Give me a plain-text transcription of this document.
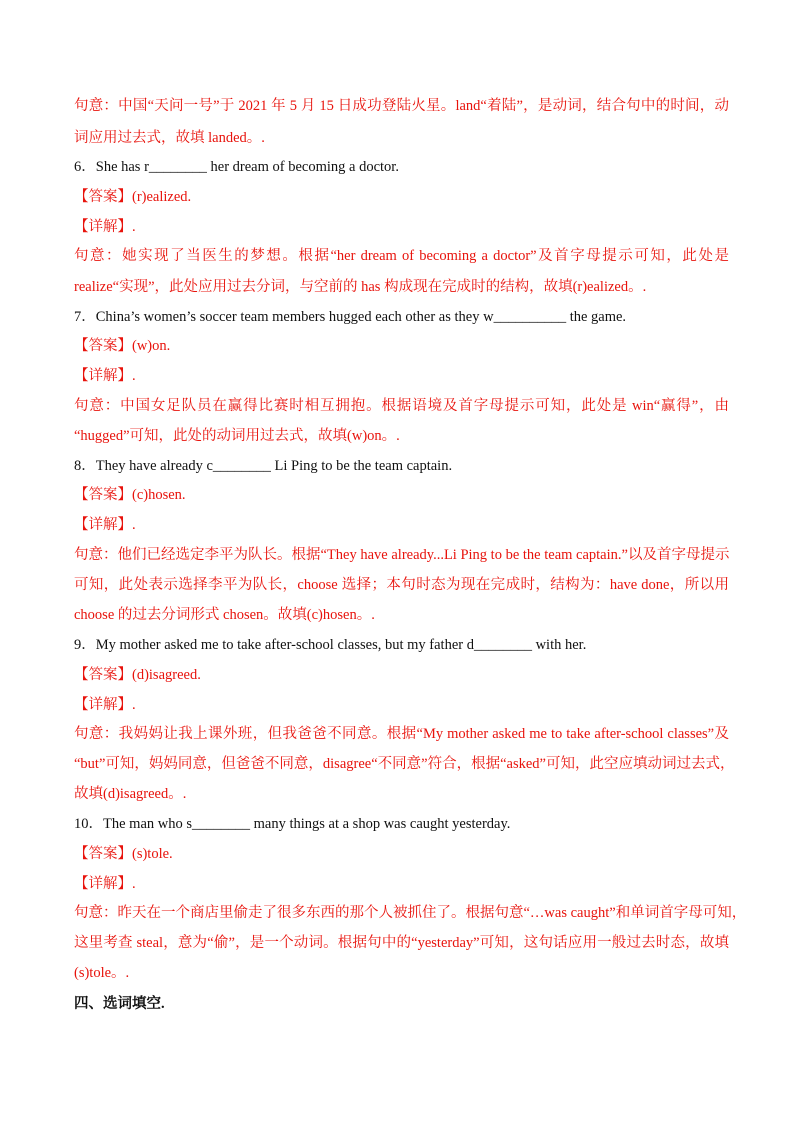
句意：中国“天问一号”于 2021 年 5 月 15 日成功登陆火星。land“着陆”，是动词，结合句中的时间，动
词应用过去式，故填 landed。.
6．She has r________ her dream of becoming a doctor.
【答案】(r)ealized.
【详解】.
句意：她实现了当医生的梦想。根据“her dream of becoming a doctor”及首字母提示可知，此处是
realize“实现”，此处应用过去分词，与空前的 has 构成现在完成时的结构，故填(r)ealized。.
7．China’s women’s soccer team members hugged each other as they w__________ the game.
【答案】(w)on.
【详解】.
句意：中国女足队员在赢得比赛时相互拥抱。根据语境及首字母提示可知，此处是 win“赢得”，由
“hugged”可知，此处的动词用过去式，故填(w)on。.
8．They have already c________ Li Ping to be the team captain.
【答案】(c)hosen.
【详解】.
句意：他们已经选定李平为队长。根据“They have already...Li Ping to be the team captain.”以及首字母提示
可知，此处表示选择李平为队长，choose 选择；本句时态为现在完成时，结构为：have done，所以用
choose 的过去分词形式 chosen。故填(c)hosen。.
9．My mother asked me to take after-school classes, but my father d________ with her.
【答案】(d)isagreed.
【详解】.
句意：我妈妈让我上课外班，但我爸爸不同意。根据“My mother asked me to take after-school classes”及
“but”可知，妈妈同意，但爸爸不同意，disagree“不同意”符合，根据“asked”可知，此空应填动词过去式，
故填(d)isagreed。.
10．The man who s________ many things at a shop was caught yesterday.
【答案】(s)tole.
【详解】.
句意：昨天在一个商店里偷走了很多东西的那个人被抓住了。根据句意“…was caught”和单词首字母可知，
这里考查 steal，意为“偷”，是一个动词。根据句中的“yesterday”可知，这句话应用一般过去时态，故填
(s)tole。.
四、选词填空.
